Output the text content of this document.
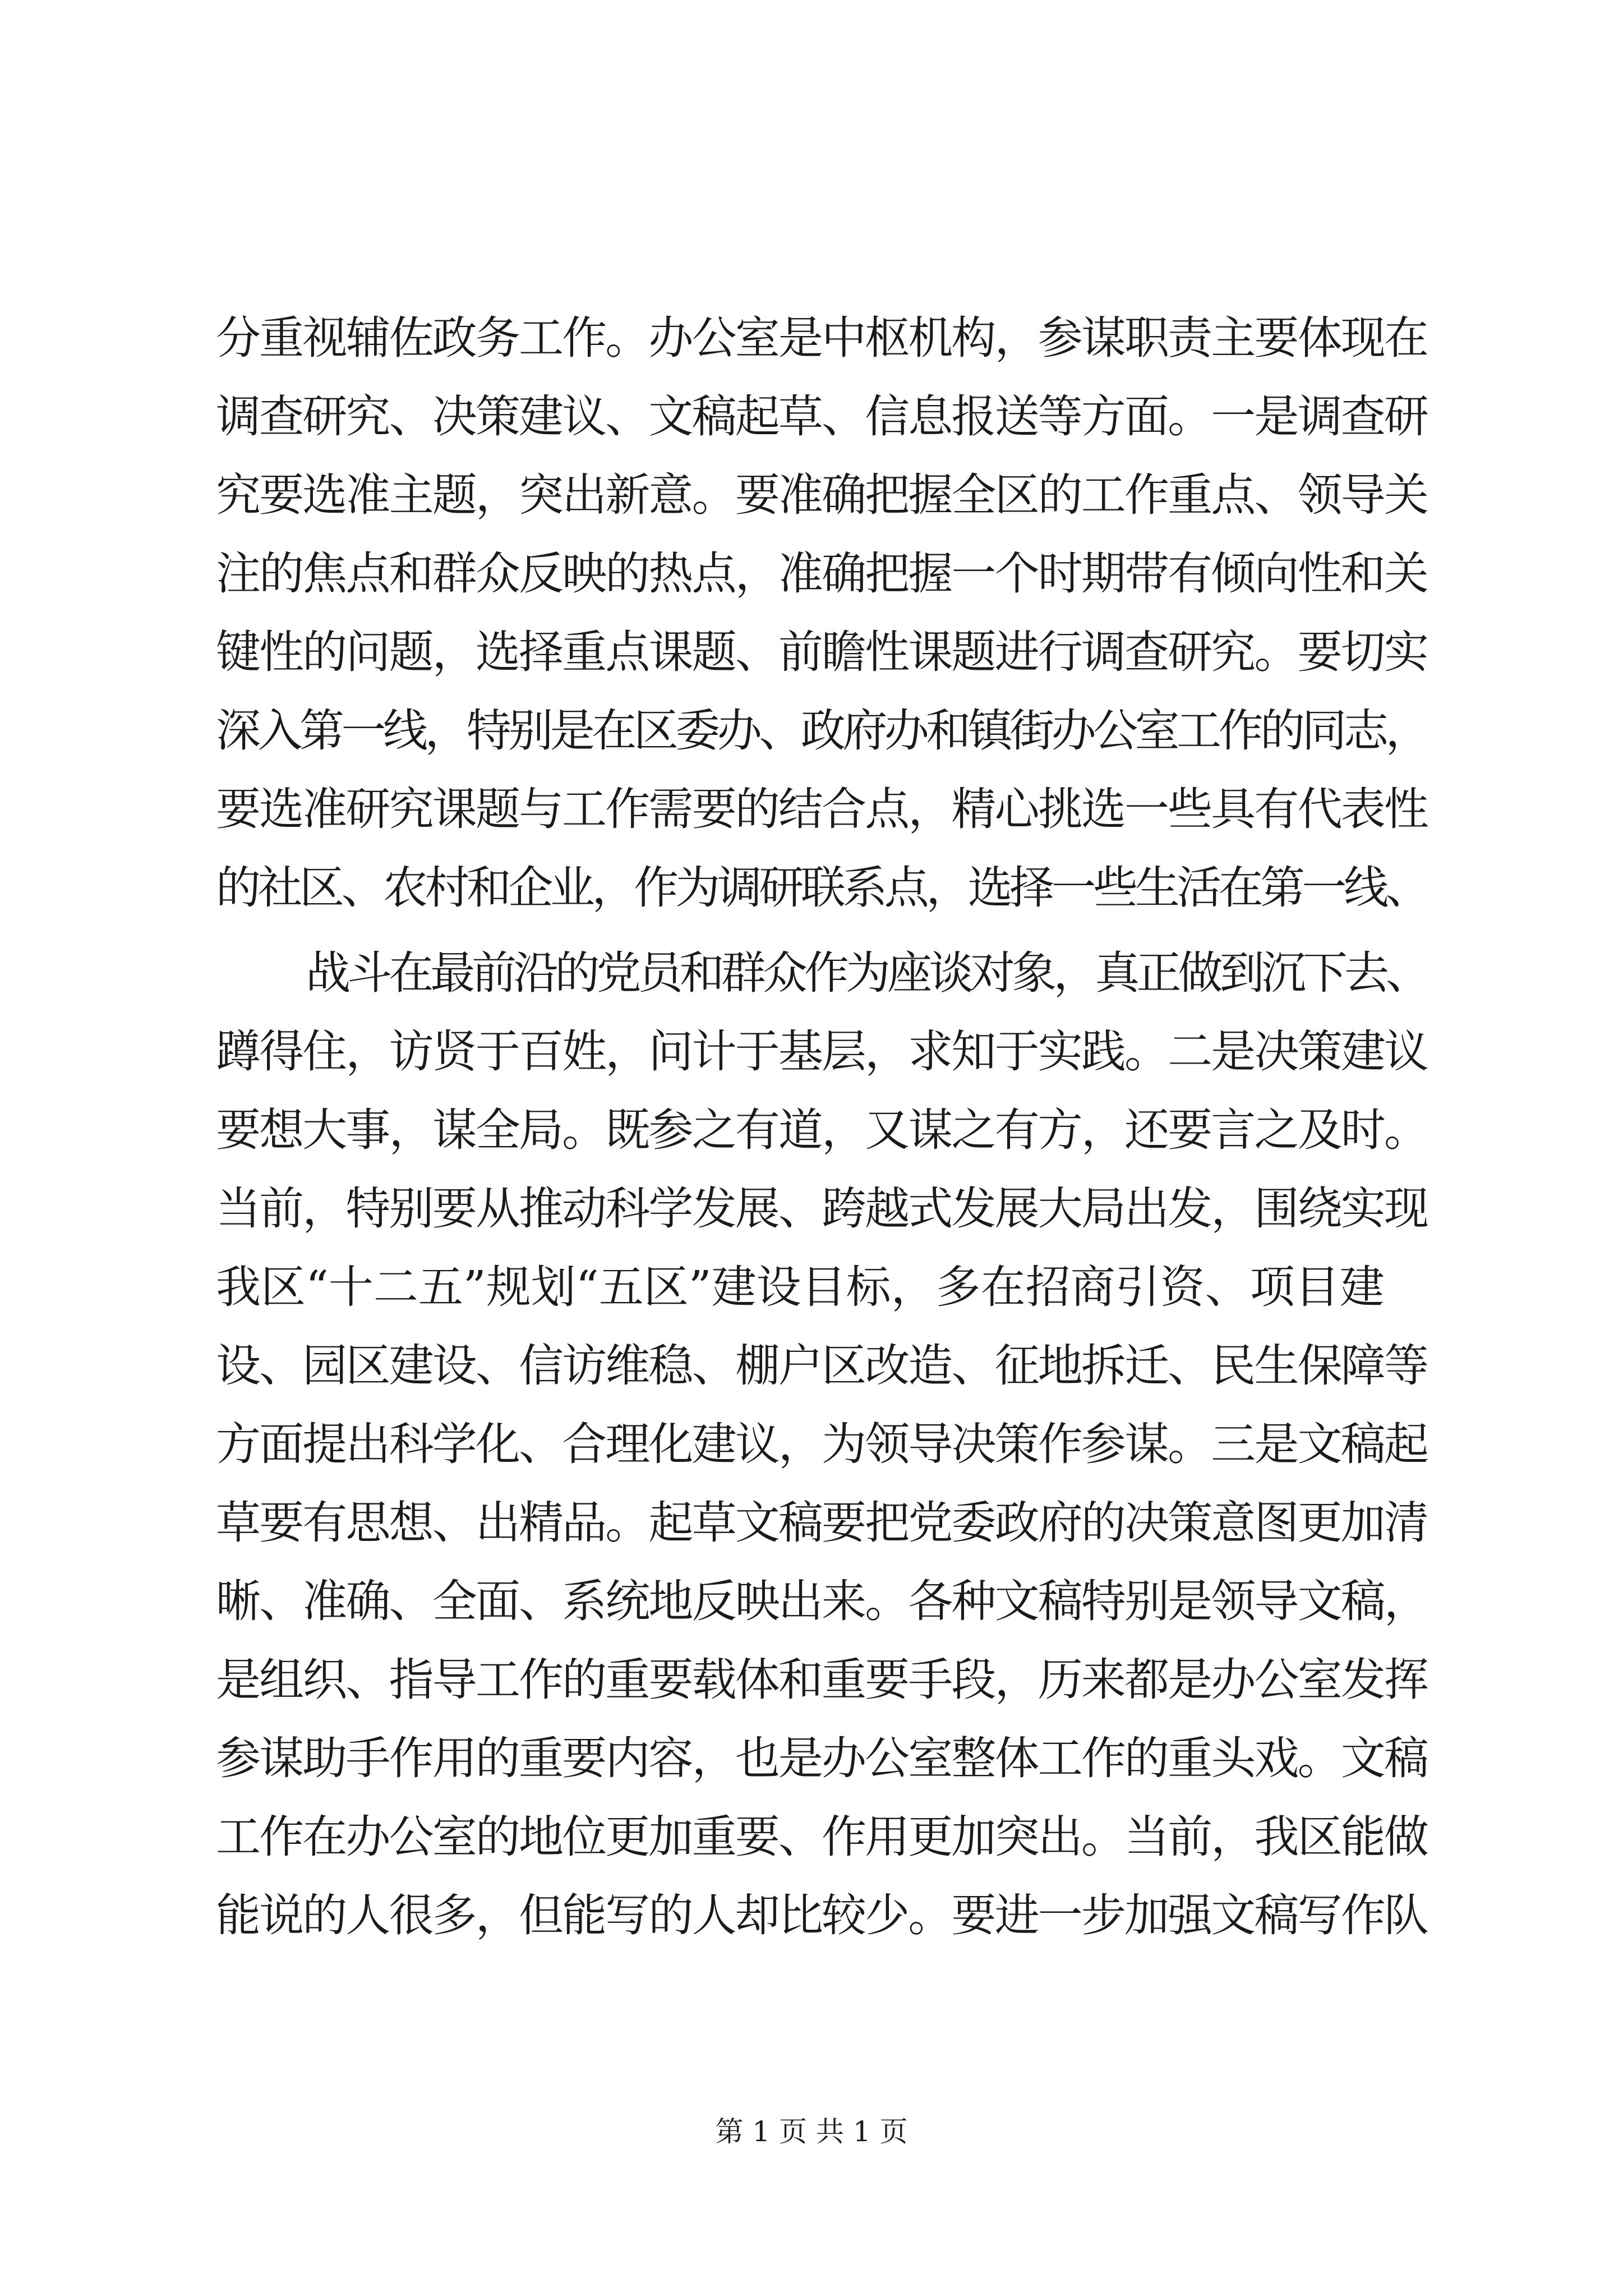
分重视辅佐政务工作。办公室是中枢机构，参谋职责主要体现在
调查研究、决策建议、文稿起草、信息报送等方面。一是调查研
究要选准主题，突出新意。要准确把握全区的工作重点、领导关
注的焦点和群众反映的热点，准确把握一个时期带有倾向性和关
键性的问题，选择重点课题、前瞻性课题进行调查研究。要切实
深入第一线，特别是在区委办、政府办和镇街办公室工作的同志，
要选准研究课题与工作需要的结合点，精心挑选一些具有代表性
的社区、农村和企业，作为调研联系点，选择一些生活在第一线、
战斗在最前沿的党员和群众作为座谈对象，真正做到沉下去、
蹲得住，访贤于百姓，问计于基层，求知于实践。二是决策建议
要想大事，谋全局。既参之有道，又谋之有方，还要言之及时。
当前，特别要从推动科学发展、跨越式发展大局出发，围绕实现
我区“十二五”规划“五区”建设目标，多在招商引资、项目建
设、园区建设、信访维稳、棚户区改造、征地拆迁、民生保障等
方面提出科学化、合理化建议，为领导决策作参谋。三是文稿起
草要有思想、出精品。起草文稿要把党委政府的决策意图更加清
晰、准确、全面、系统地反映出来。各种文稿特别是领导文稿，
是组织、指导工作的重要载体和重要手段，历来都是办公室发挥
参谋助手作用的重要内容，也是办公室整体工作的重头戏。文稿
工作在办公室的地位更加重要、作用更加突出。当前，我区能做
能说的人很多，但能写的人却比较少。要进一步加强文稿写作队
第 1 页 共 1 页
